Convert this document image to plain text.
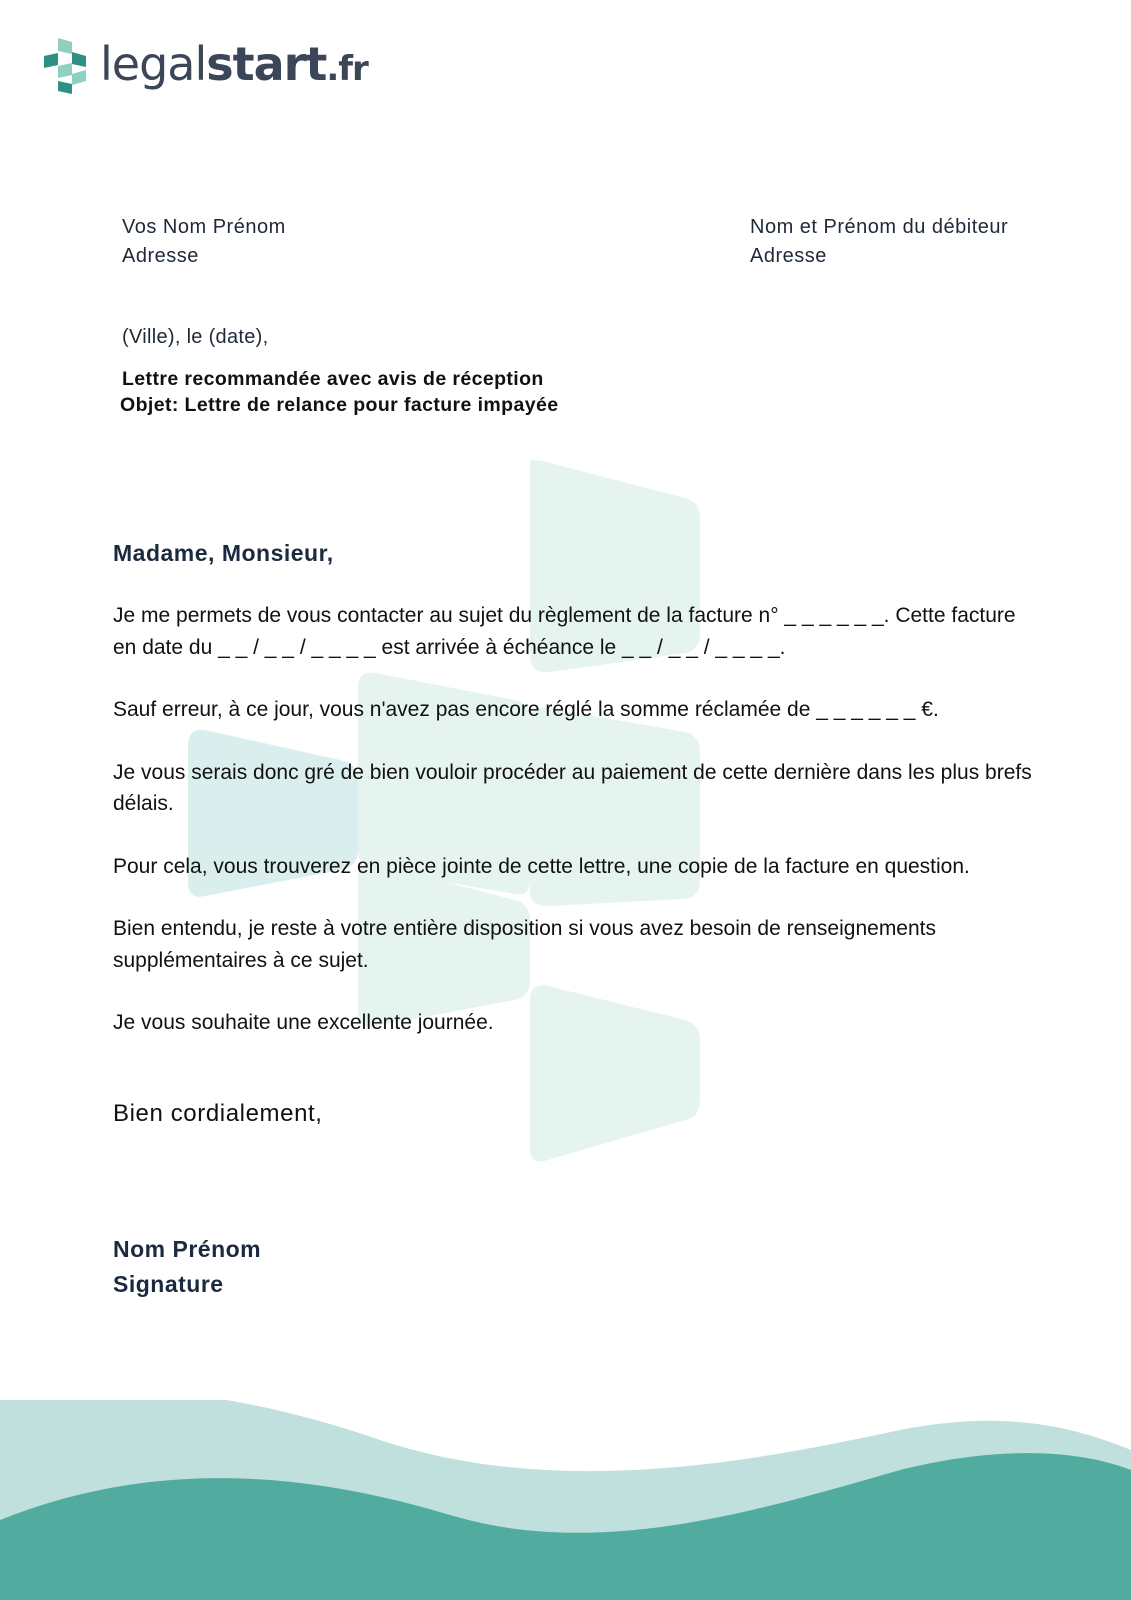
legalstart.fr
Vos Nom Prénom
Adresse
Nom et Prénom du débiteur
Adresse
(Ville), le (date),
Lettre recommandée avec avis de réception
Objet: Lettre de relance pour facture impayée
Madame, Monsieur,

Je me permets de vous contacter au sujet du règlement de la facture n° _ _ _ _ _ _. Cette facture en date du _ _ / _ _ / _ _ _ _ est arrivée à échéance le _ _ / _ _ / _ _ _ _.

Sauf erreur, à ce jour, vous n'avez pas encore réglé la somme réclamée de _ _ _ _ _ _ €.

Je vous serais donc gré de bien vouloir procéder au paiement de cette dernière dans les plus brefs délais.

Pour cela, vous trouverez en pièce jointe de cette lettre, une copie de la facture en question.

Bien entendu, je reste à votre entière disposition si vous avez besoin de renseignements supplémentaires à ce sujet.

Je vous souhaite une excellente journée.

Bien cordialement,
Nom Prénom
Signature
